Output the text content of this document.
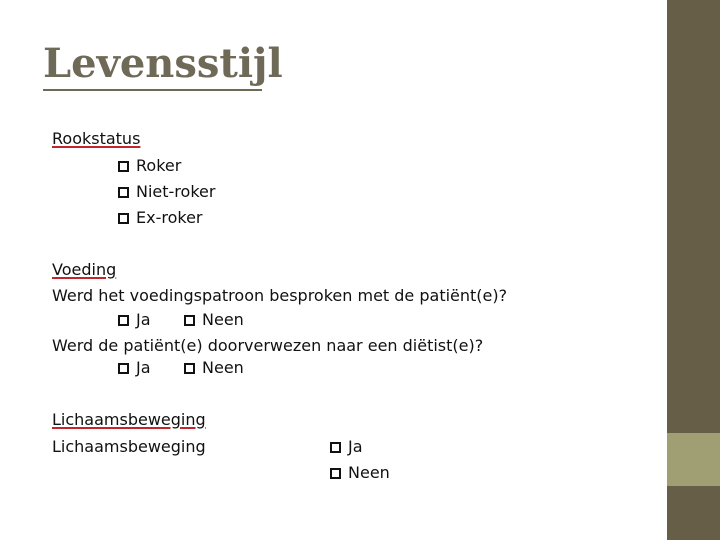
Levensstijl

Rookstatus

Roker
Niet-roker
Ex-roker

Voeding

Werd het voedingspatroon besproken met de patiënt(e)?

Ja	Neen

Werd de patiënt(e) doorverwezen naar een diëtist(e)?

Ja	Neen

Lichaamsbeweging

Lichaamsbeweging	Ja
Neen
